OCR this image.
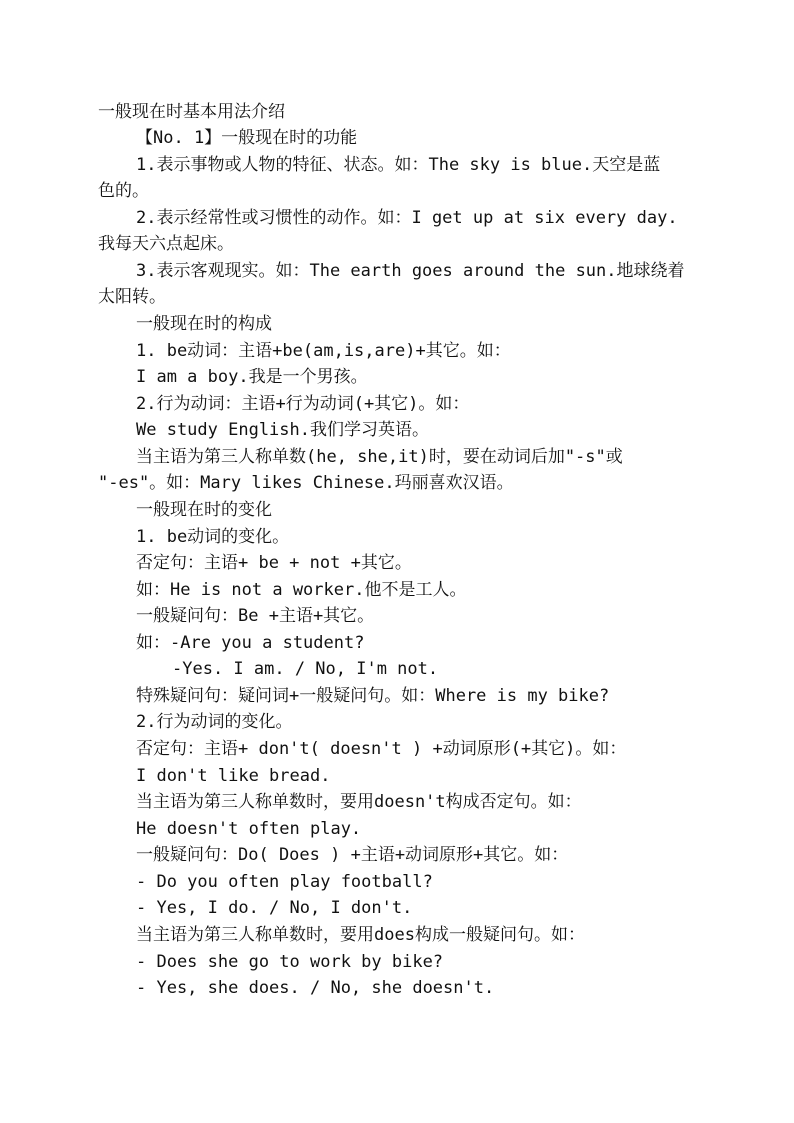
一般现在时基本用法介绍
【No. 1】一般现在时的功能
1.表示事物或人物的特征、状态。如：The sky is blue.天空是蓝
色的。
2.表示经常性或习惯性的动作。如：I get up at six every day.
我每天六点起床。
3.表示客观现实。如：The earth goes around the sun.地球绕着
太阳转。
一般现在时的构成
1. be动词：主语+be(am,is,are)+其它。如：
I am a boy.我是一个男孩。
2.行为动词：主语+行为动词(+其它)。如：
We study English.我们学习英语。
当主语为第三人称单数(he, she,it)时，要在动词后加"-s"或
"-es"。如：Mary likes Chinese.玛丽喜欢汉语。
一般现在时的变化
1. be动词的变化。
否定句：主语+ be + not +其它。
如：He is not a worker.他不是工人。
一般疑问句：Be +主语+其它。
如：-Are you a student?
-Yes. I am. / No, I'm not.
特殊疑问句：疑问词+一般疑问句。如：Where is my bike?
2.行为动词的变化。
否定句：主语+ don't( doesn't ) +动词原形(+其它)。如：
I don't like bread.
当主语为第三人称单数时，要用doesn't构成否定句。如：
He doesn't often play.
一般疑问句：Do( Does ) +主语+动词原形+其它。如：
- Do you often play football?
- Yes, I do. / No, I don't.
当主语为第三人称单数时，要用does构成一般疑问句。如：
- Does she go to work by bike?
- Yes, she does. / No, she doesn't.
